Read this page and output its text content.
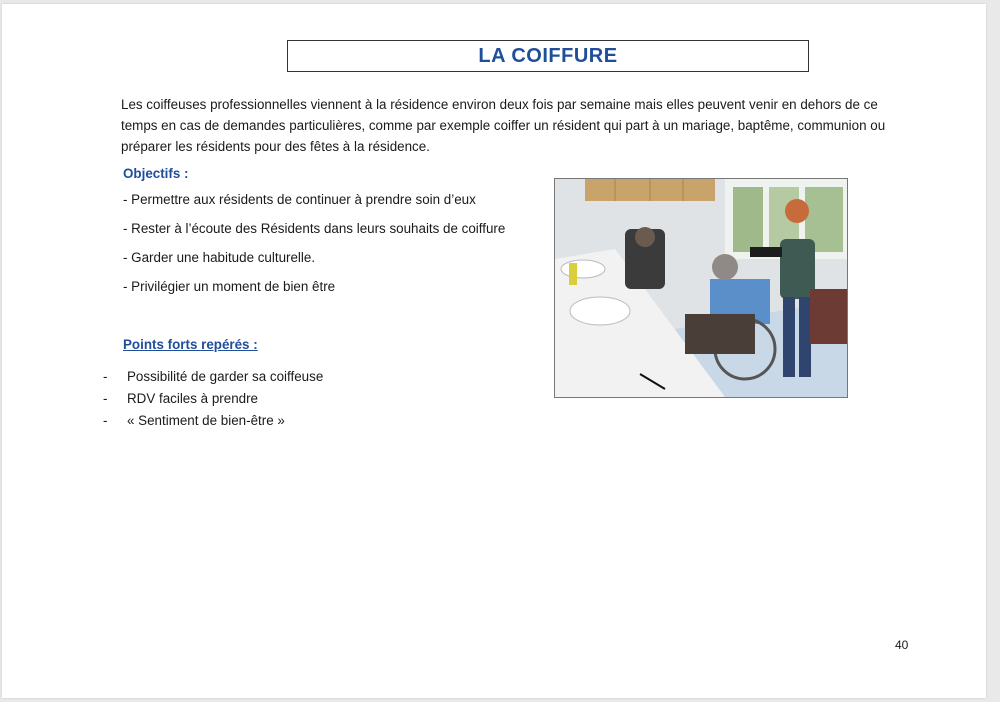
LA COIFFURE

Les coiffeuses professionnelles viennent à la résidence environ deux fois par semaine mais elles peuvent venir en dehors de ce temps en cas de demandes particulières, comme par exemple coiffer un résident qui part à un mariage, baptême, communion ou préparer les résidents pour des fêtes à la résidence.

Objectifs :

- Permettre aux résidents de continuer à prendre soin d’eux
- Rester à l’écoute des Résidents dans leurs souhaits de coiffure
- Garder une habitude culturelle.
- Privilégier un moment de bien être

Points forts repérés :

-	Possibilité de garder sa coiffeuse
-	RDV faciles à prendre
-	« Sentiment de bien-être »
40
